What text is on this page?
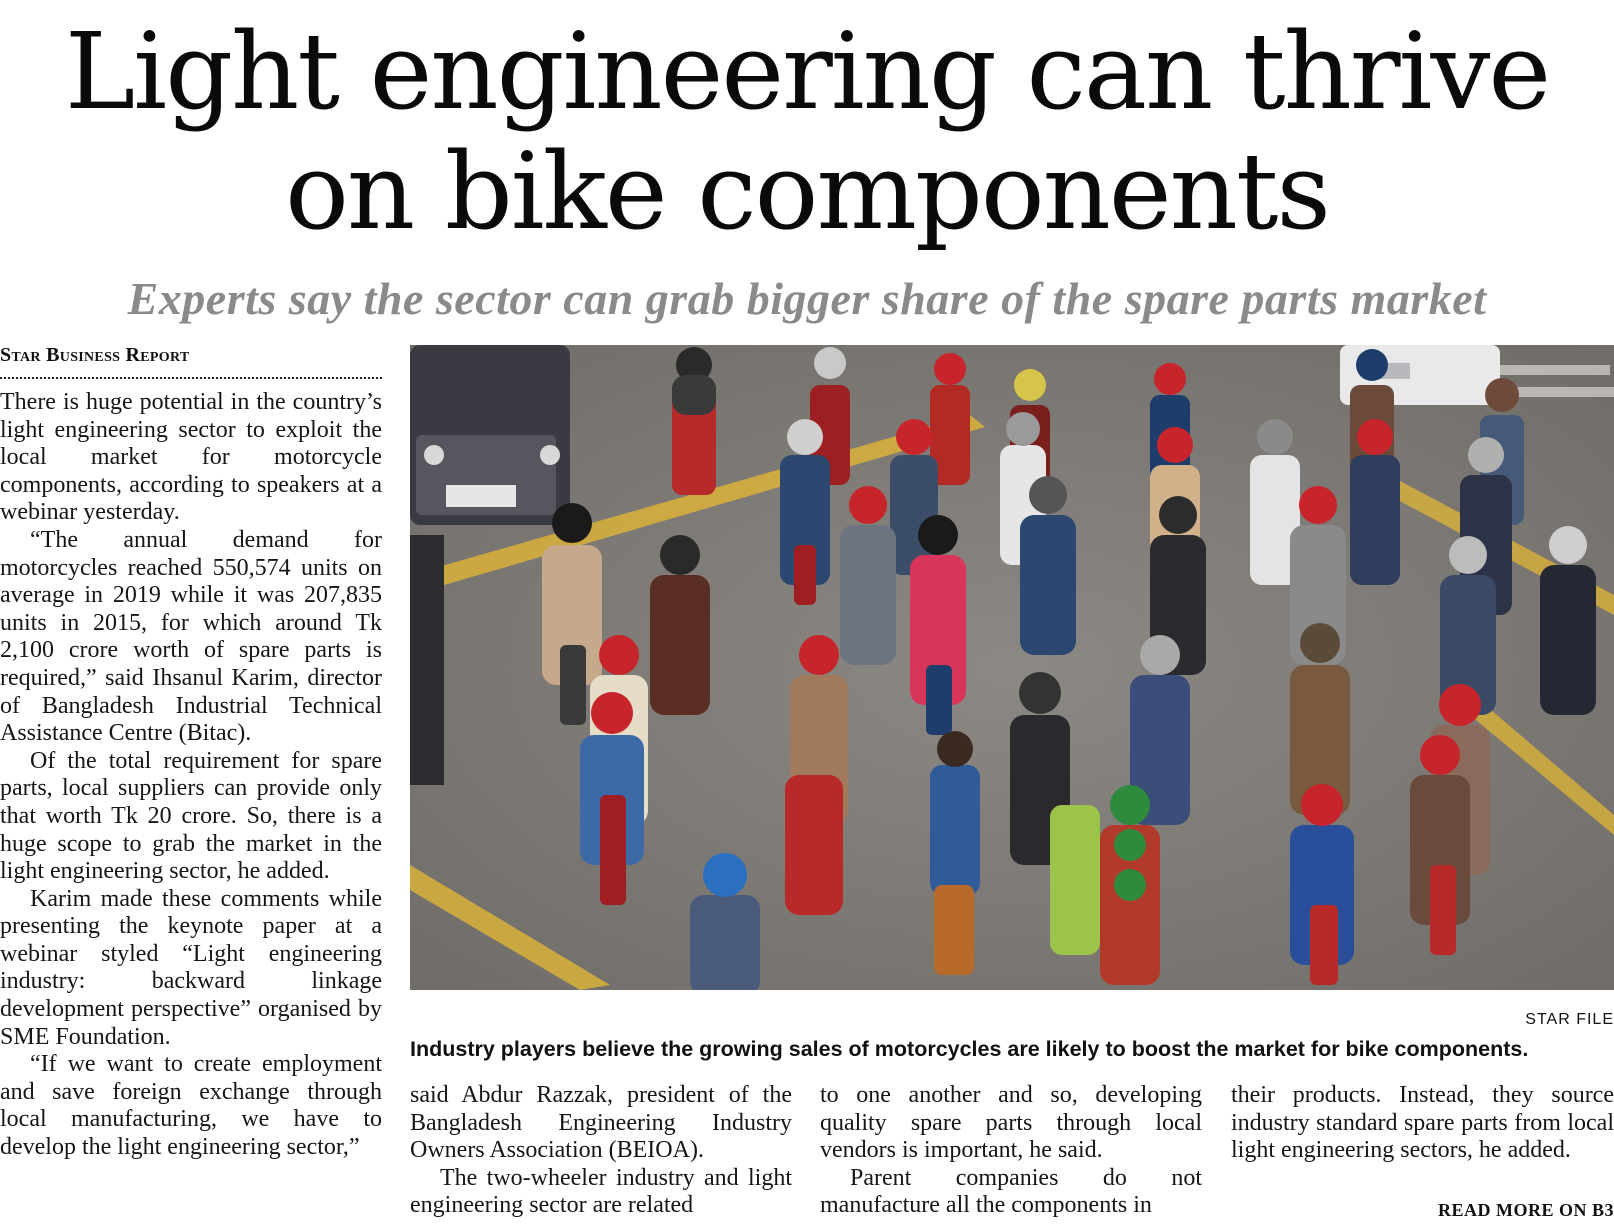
Light engineering can thrive
on bike components
Experts say the sector can grab bigger share of the spare parts market
Star Business Report

There is huge potential in the country’s light engineering sector to exploit the local market for motorcycle components, according to speakers at a webinar yesterday.

“The annual demand for motorcycles reached 550,574 units on average in 2019 while it was 207,835 units in 2015, for which around Tk 2,100 crore worth of spare parts is required,” said Ihsanul Karim, director of Bangladesh Industrial Technical Assistance Centre (Bitac).

Of the total requirement for spare parts, local suppliers can provide only that worth Tk 20 crore. So, there is a huge scope to grab the market in the light engineering sector, he added.

Karim made these comments while presenting the keynote paper at a webinar styled “Light engineering industry: backward linkage development perspective” organised by SME Foundation.

“If we want to create employment and save foreign exchange through local manufacturing, we have to develop the light engineering sector,”

STAR FILE
Industry players believe the growing sales of motorcycles are likely to boost the market for bike components.

said Abdur Razzak, president of the Bangladesh Engineering Industry Owners Association (BEIOA).

The two-wheeler industry and light engineering sector are related

to one another and so, developing quality spare parts through local vendors is important, he said.

Parent companies do not manufacture all the components in

their products. Instead, they source industry standard spare parts from local light engineering sectors, he added.

READ MORE ON B3
